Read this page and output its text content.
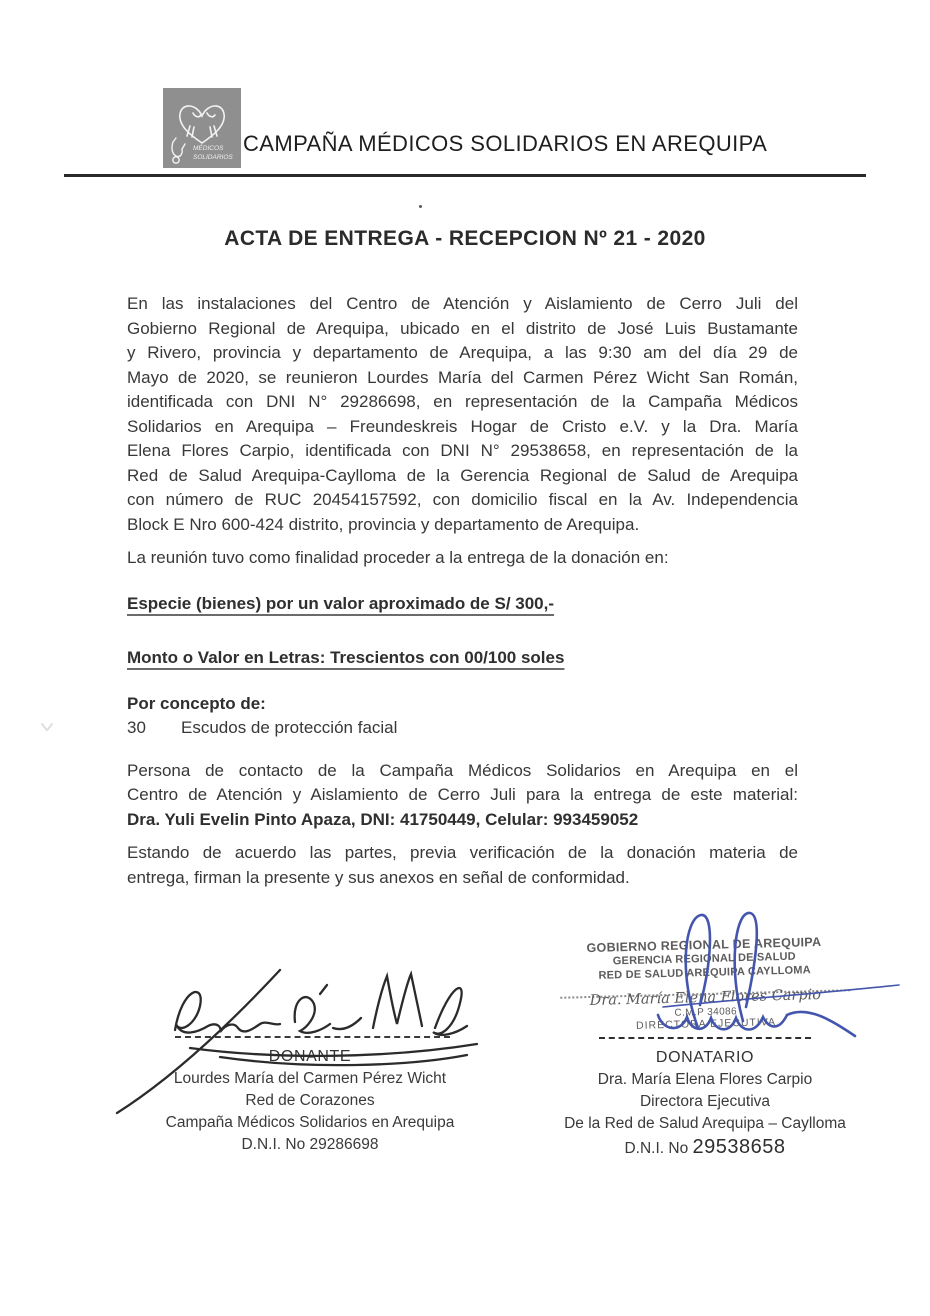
MÉDICOS
SOLIDARIOS
CAMPAÑA MÉDICOS SOLIDARIOS EN AREQUIPA
ACTA DE ENTREGA - RECEPCION Nº 21 - 2020
En las instalaciones del Centro de Atención y Aislamiento de Cerro Juli del
Gobierno Regional de Arequipa, ubicado en el distrito de José Luis Bustamante
y Rivero, provincia y departamento de Arequipa, a las 9:30 am del día 29 de
Mayo de 2020, se reunieron Lourdes María del Carmen Pérez Wicht San Román,
identificada con DNI N° 29286698, en representación de la Campaña Médicos
Solidarios en Arequipa – Freundeskreis Hogar de Cristo e.V. y la Dra. María
Elena Flores Carpio, identificada con DNI N° 29538658, en representación de la
Red de Salud Arequipa-Caylloma de la Gerencia Regional de Salud de Arequipa
con número de RUC 20454157592, con domicilio fiscal en la Av. Independencia
Block E Nro 600-424 distrito, provincia y departamento de Arequipa.
La reunión tuvo como finalidad proceder a la entrega de la donación en:
Especie (bienes) por un valor aproximado de S/ 300,-
Monto o Valor en Letras: Trescientos con 00/100 soles
Por concepto de:
30	Escudos de protección facial
Persona de contacto de la Campaña Médicos Solidarios en Arequipa en el
Centro de Atención y Aislamiento de Cerro Juli para la entrega de este material:
Dra. Yuli Evelin Pinto Apaza, DNI: 41750449, Celular: 993459052
Estando de acuerdo las partes, previa verificación de la donación materia de
entrega, firman la presente y sus anexos en señal de conformidad.
DONANTE
Lourdes María del Carmen Pérez Wicht
Red de Corazones
Campaña Médicos Solidarios en Arequipa
D.N.I. No 29286698
GOBIERNO REGIONAL DE AREQUIPA
GERENCIA REGIONAL DE SALUD
RED DE SALUD AREQUIPA CAYLLOMA
Dra. María Elena Flores Carpio
C.M.P 34086
DIRECTORA EJECUTIVA
DONATARIO
Dra. María Elena Flores Carpio
Directora Ejecutiva
De la Red de Salud Arequipa – Caylloma
D.N.I. No 29538658
